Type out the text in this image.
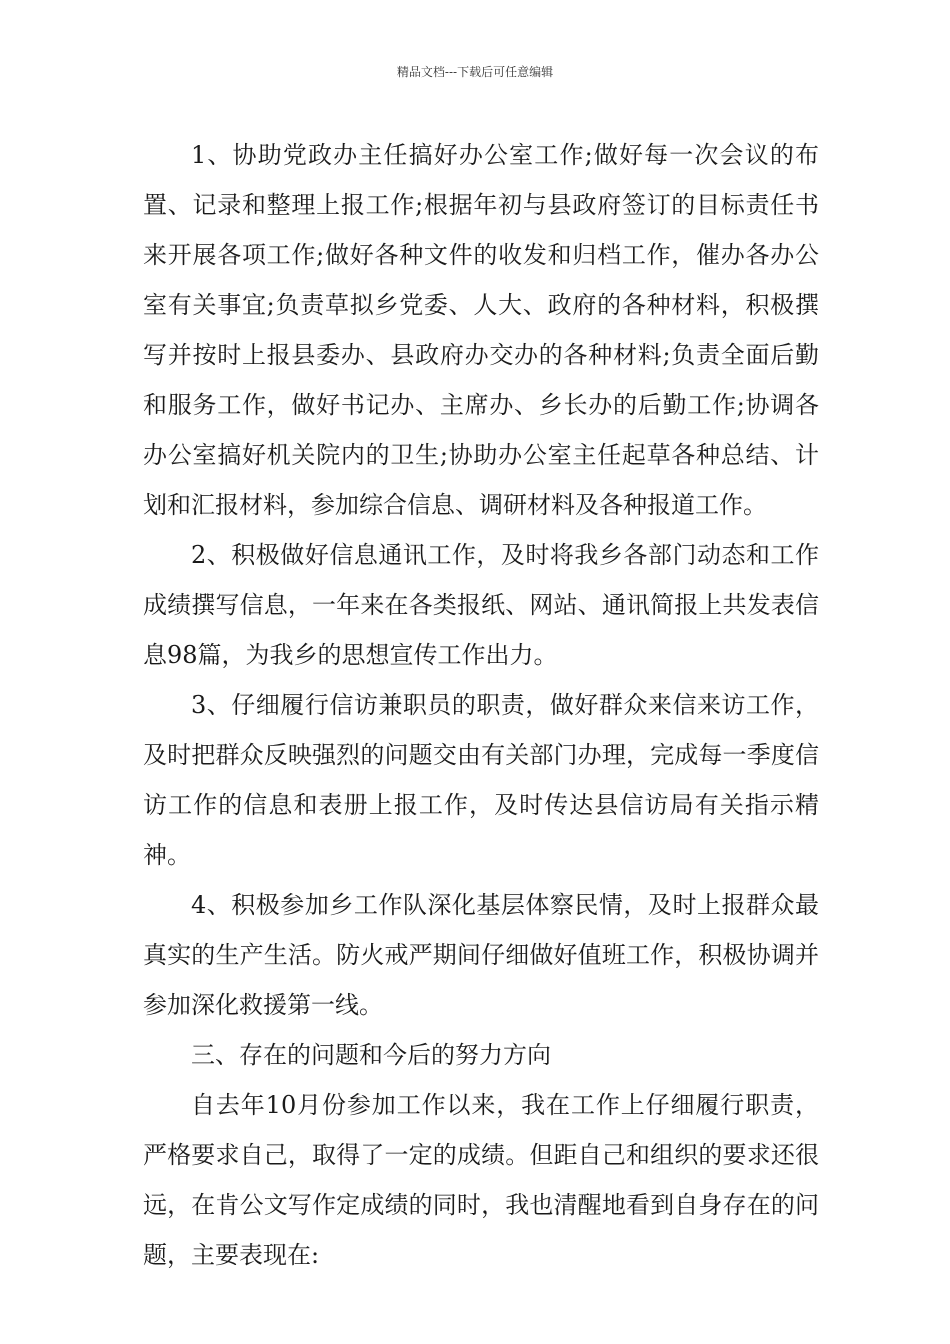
精品文档---下载后可任意编辑

1、协助党政办主任搞好办公室工作;做好每一次会议的布置、记录和整理上报工作;根据年初与县政府签订的目标责任书来开展各项工作;做好各种文件的收发和归档工作，催办各办公室有关事宜;负责草拟乡党委、人大、政府的各种材料，积极撰写并按时上报县委办、县政府办交办的各种材料;负责全面后勤和服务工作，做好书记办、主席办、乡长办的后勤工作;协调各办公室搞好机关院内的卫生;协助办公室主任起草各种总结、计划和汇报材料，参加综合信息、调研材料及各种报道工作。

2、积极做好信息通讯工作，及时将我乡各部门动态和工作成绩撰写信息，一年来在各类报纸、网站、通讯简报上共发表信息98篇，为我乡的思想宣传工作出力。

3、仔细履行信访兼职员的职责，做好群众来信来访工作，及时把群众反映强烈的问题交由有关部门办理，完成每一季度信访工作的信息和表册上报工作，及时传达县信访局有关指示精神。

4、积极参加乡工作队深化基层体察民情，及时上报群众最真实的生产生活。防火戒严期间仔细做好值班工作，积极协调并参加深化救援第一线。

三、存在的问题和今后的努力方向

自去年10月份参加工作以来，我在工作上仔细履行职责，严格要求自己，取得了一定的成绩。但距自己和组织的要求还很远，在肯公文写作定成绩的同时，我也清醒地看到自身存在的问题，主要表现在:
